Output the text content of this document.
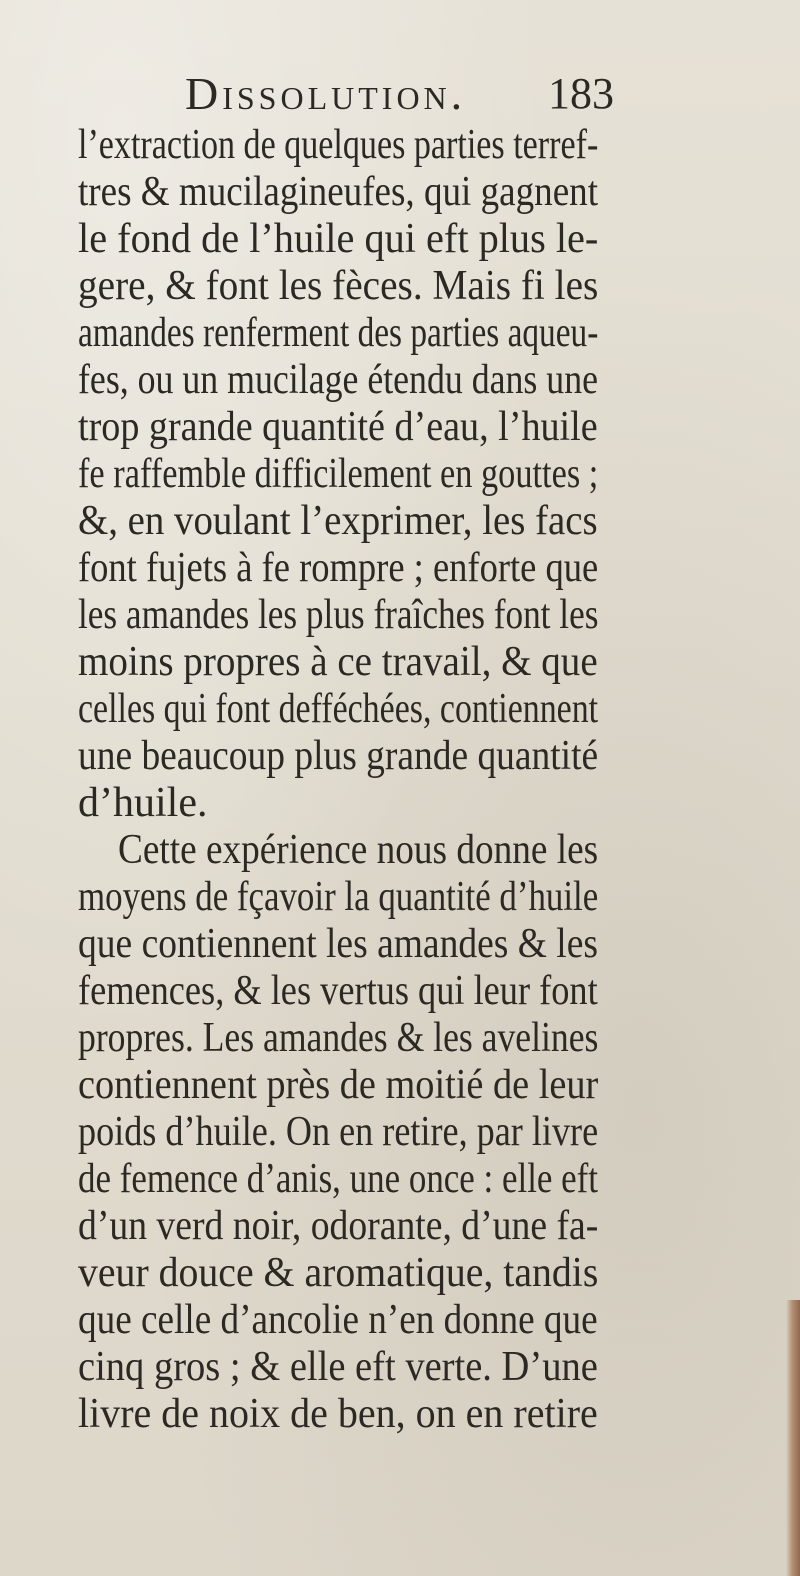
Dissolution. 183
l’extraction de quelques parties terref-
tres & mucilagineufes, qui gagnent
le fond de l’huile qui eft plus le-
gere, & font les fèces. Mais fi les
amandes renferment des parties aqueu-
fes, ou un mucilage étendu dans une
trop grande quantité d’eau, l’huile
fe raffemble difficilement en gouttes ;
&, en voulant l’exprimer, les facs
font fujets à fe rompre ; enforte que
les amandes les plus fraîches font les
moins propres à ce travail, & que
celles qui font defféchées, contiennent
une beaucoup plus grande quantité
d’huile.
Cette expérience nous donne les
moyens de fçavoir la quantité d’huile
que contiennent les amandes & les
femences, & les vertus qui leur font
propres. Les amandes & les avelines
contiennent près de moitié de leur
poids d’huile. On en retire, par livre
de femence d’anis, une once : elle eft
d’un verd noir, odorante, d’une fa-
veur douce & aromatique, tandis
que celle d’ancolie n’en donne que
cinq gros ; & elle eft verte. D’une
livre de noix de ben, on en retire
